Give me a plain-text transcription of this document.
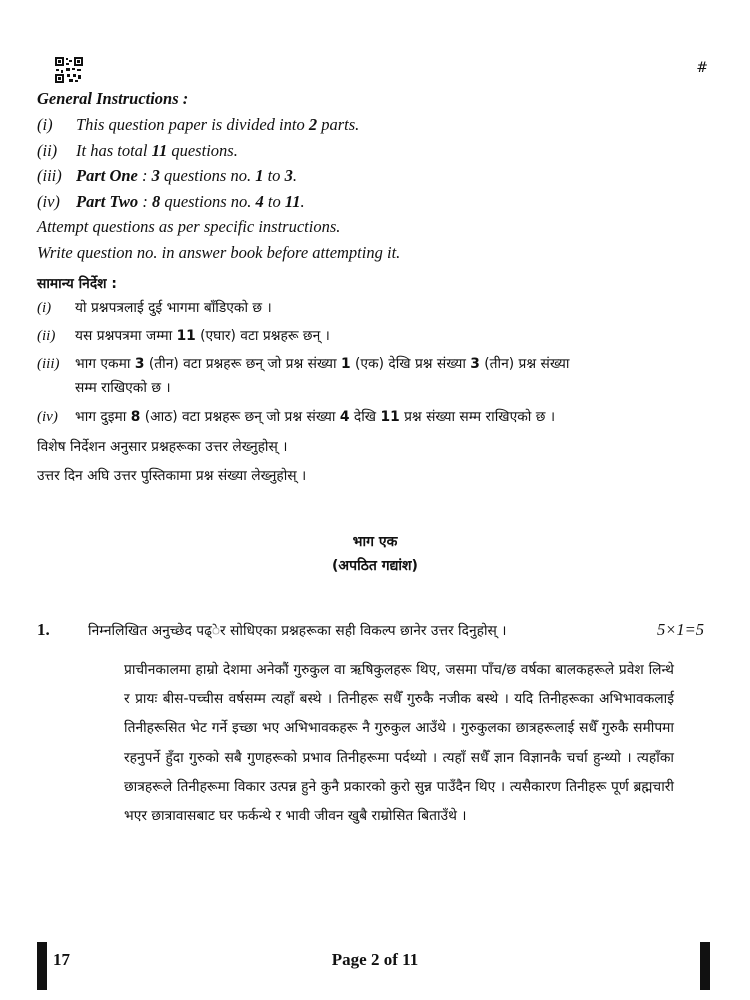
#
General Instructions :
(i) This question paper is divided into 2 parts.
(ii) It has total 11 questions.
(iii) Part One : 3 questions no. 1 to 3.
(iv) Part Two : 8 questions no. 4 to 11.
Attempt questions as per specific instructions.
Write question no. in answer book before attempting it.
सामान्य निर्देश :
(i) यो प्रश्नपत्रलाई दुई भागमा बाँडिएको छ ।
(ii) यस प्रश्नपत्रमा जम्मा 11 (एघार) वटा प्रश्नहरू छन् ।
(iii) भाग एकमा 3 (तीन) वटा प्रश्नहरू छन् जो प्रश्न संख्या 1 (एक) देखि प्रश्न संख्या 3 (तीन) प्रश्न संख्या
सम्म राखिएको छ ।
(iv) भाग दुइमा 8 (आठ) वटा प्रश्नहरू छन् जो प्रश्न संख्या 4 देखि 11 प्रश्न संख्या सम्म राखिएको छ ।
विशेष निर्देशन अनुसार प्रश्नहरूका उत्तर लेख्नुहोस् ।
उत्तर दिन अघि उत्तर पुस्तिकामा प्रश्न संख्या लेख्नुहोस् ।
भाग एक
(अपठित गद्यांश)
1.	निम्नलिखित अनुच्छेद पढ्ेर सोधिएका प्रश्नहरूका सही विकल्प छानेर उत्तर दिनुहोस् ।	5×1=5
प्राचीनकालमा हाम्रो देशमा अनेकौं गुरुकुल वा ऋषिकुलहरू थिए, जसमा पाँच/छ वर्षका बालकहरूले प्रवेश लिन्थे र प्रायः बीस-पच्चीस वर्षसम्म त्यहाँ बस्थे । तिनीहरू सधैँ गुरुकै नजीक बस्थे । यदि तिनीहरूका अभिभावकलाई तिनीहरूसित भेट गर्ने इच्छा भए अभिभावकहरू नै गुरुकुल आउँथे । गुरुकुलका छात्रहरूलाई सधैँ गुरुकै समीपमा रहनुपर्ने हुँदा गुरुको सबै गुणहरूको प्रभाव तिनीहरूमा पर्दथ्यो । त्यहाँ सधैँ ज्ञान विज्ञानकै चर्चा हुन्थ्यो । त्यहाँका छात्रहरूले तिनीहरूमा विकार उत्पन्न हुने कुनै प्रकारको कुरो सुन्न पाउँदैन थिए । त्यसैकारण तिनीहरू पूर्ण ब्रह्मचारी भएर छात्रावासबाट घर फर्कन्थे र भावी जीवन खुबै राम्रोसित बिताउँथे ।
17	Page 2 of 11
